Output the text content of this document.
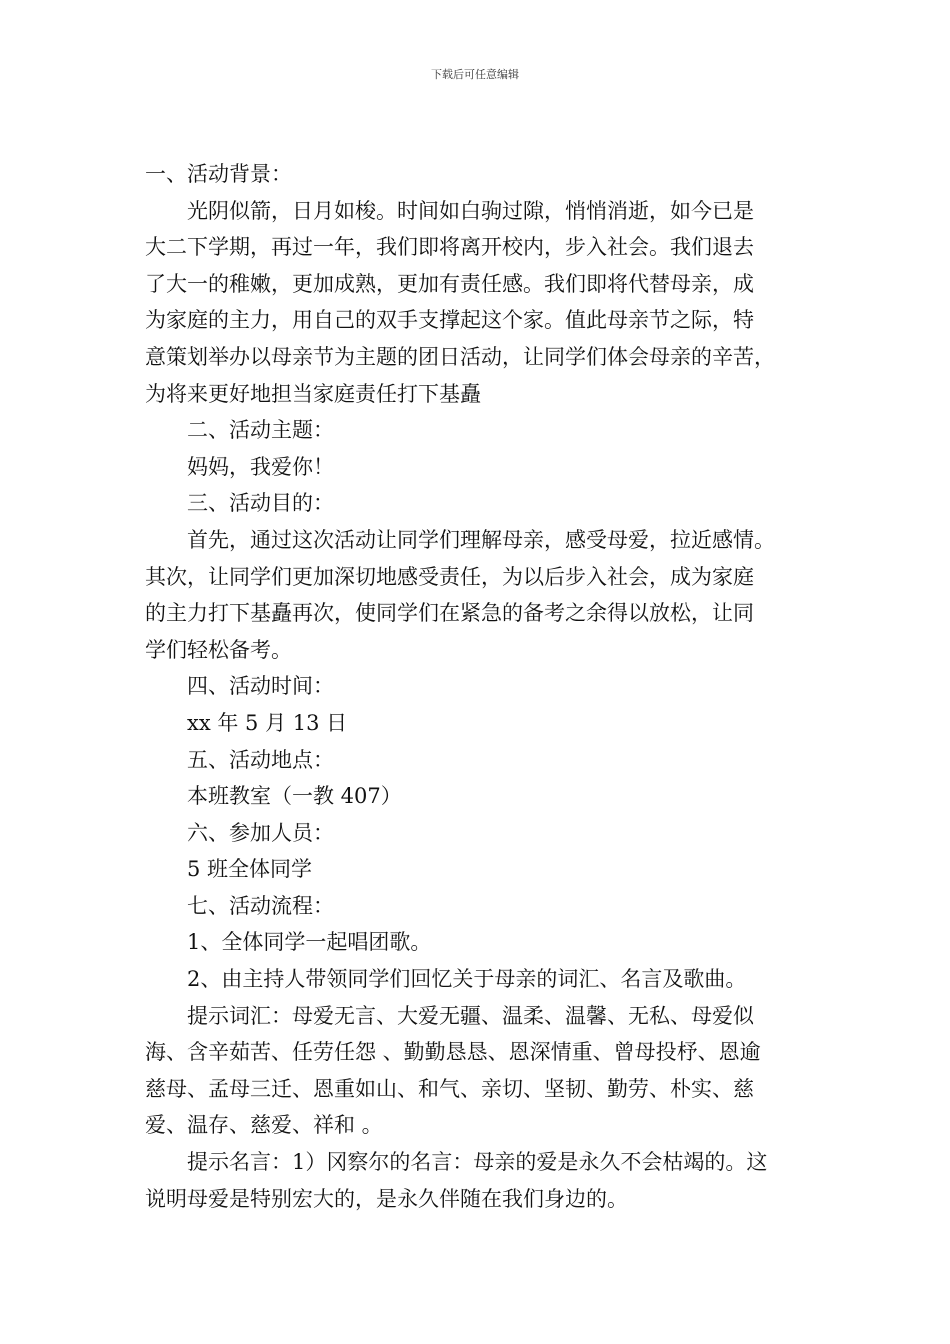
下载后可任意编辑
一、活动背景：
光阴似箭，日月如梭。时间如白驹过隙，悄悄消逝，如今已是
大二下学期，再过一年，我们即将离开校内，步入社会。我们退去
了大一的稚嫩，更加成熟，更加有责任感。我们即将代替母亲，成
为家庭的主力，用自己的双手支撑起这个家。值此母亲节之际，特
意策划举办以母亲节为主题的团日活动，让同学们体会母亲的辛苦，
为将来更好地担当家庭责任打下基矗
二、活动主题：
妈妈，我爱你！
三、活动目的：
首先，通过这次活动让同学们理解母亲，感受母爱，拉近感情。
其次，让同学们更加深切地感受责任，为以后步入社会，成为家庭
的主力打下基矗再次，使同学们在紧急的备考之余得以放松，让同
学们轻松备考。
四、活动时间：
xx 年 5 月 13 日
五、活动地点：
本班教室（一教 407）
六、参加人员：
5 班全体同学
七、活动流程：
1、全体同学一起唱团歌。
2、由主持人带领同学们回忆关于母亲的词汇、名言及歌曲。
提示词汇：母爱无言、大爱无疆、温柔、温馨、无私、母爱似
海、含辛茹苦、任劳任怨 、勤勤恳恳、恩深情重、曾母投杼、恩逾
慈母、孟母三迁、恩重如山、和气、亲切、坚韧、勤劳、朴实、慈
爱、温存、慈爱、祥和 。
提示名言：1）冈察尔的名言：母亲的爱是永久不会枯竭的。这
说明母爱是特别宏大的，是永久伴随在我们身边的。
